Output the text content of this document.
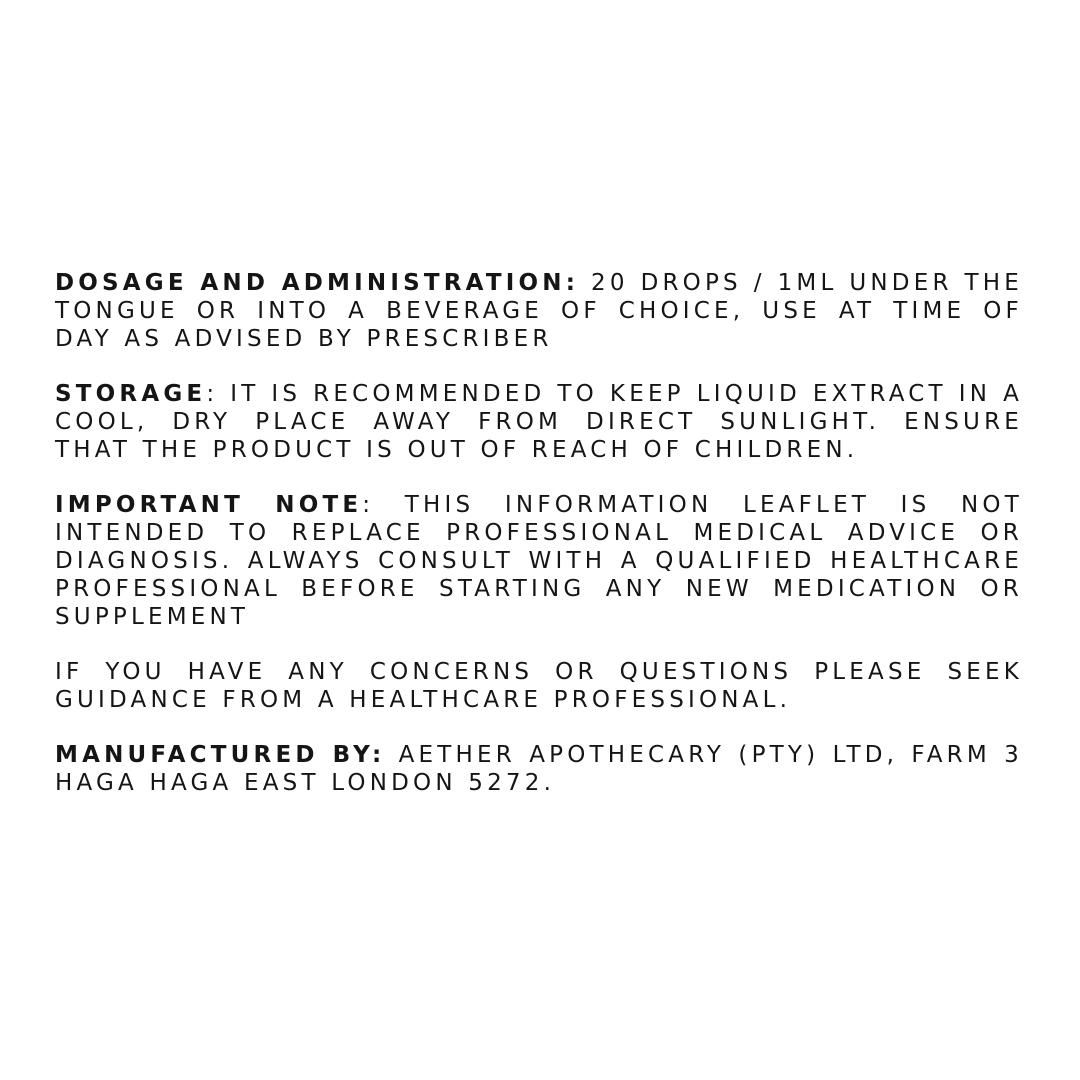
DOSAGE AND ADMINISTRATION: 20 DROPS / 1ML UNDER THE TONGUE OR INTO A BEVERAGE OF CHOICE, USE AT TIME OF DAY AS ADVISED BY PRESCRIBER

STORAGE: IT IS RECOMMENDED TO KEEP LIQUID EXTRACT IN A COOL, DRY PLACE AWAY FROM DIRECT SUNLIGHT. ENSURE THAT THE PRODUCT IS OUT OF REACH OF CHILDREN.

IMPORTANT NOTE: THIS INFORMATION LEAFLET IS NOT INTENDED TO REPLACE PROFESSIONAL MEDICAL ADVICE OR DIAGNOSIS. ALWAYS CONSULT WITH A QUALIFIED HEALTHCARE PROFESSIONAL BEFORE STARTING ANY NEW MEDICATION OR SUPPLEMENT

IF YOU HAVE ANY CONCERNS OR QUESTIONS PLEASE SEEK GUIDANCE FROM A HEALTHCARE PROFESSIONAL.

MANUFACTURED BY: AETHER APOTHECARY (PTY) LTD, FARM 3 HAGA HAGA EAST LONDON 5272.
